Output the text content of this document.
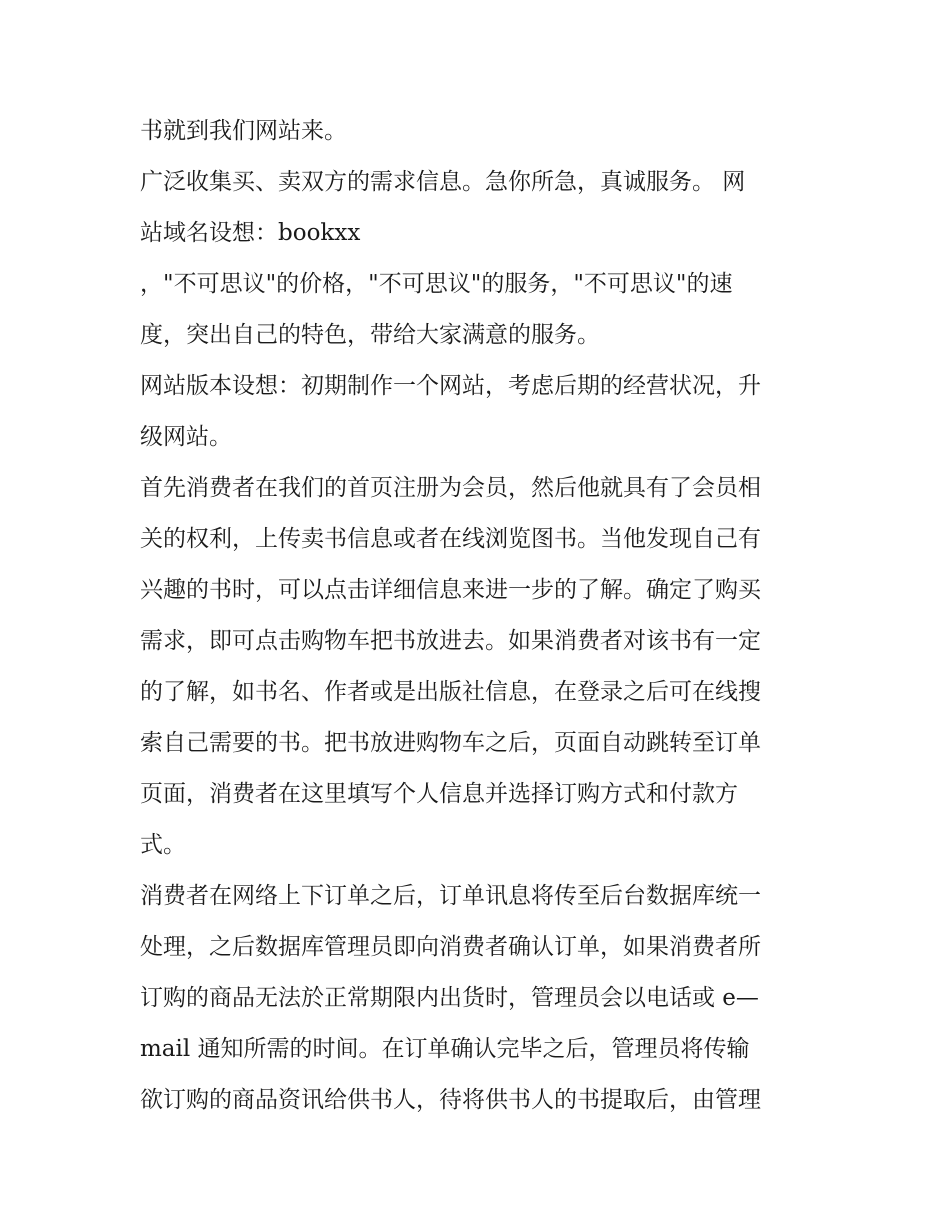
书就到我们网站来。

广泛收集买、卖双方的需求信息。急你所急，真诚服务。 网
站域名设想：bookxx

，"不可思议"的价格，"不可思议"的服务，"不可思议"的速
度，突出自己的特色，带给大家满意的服务。

网站版本设想：初期制作一个网站，考虑后期的经营状况，升
级网站。

首先消费者在我们的首页注册为会员，然后他就具有了会员相
关的权利，上传卖书信息或者在线浏览图书。当他发现自己有
兴趣的书时，可以点击详细信息来进一步的了解。确定了购买
需求，即可点击购物车把书放进去。如果消费者对该书有一定
的了解，如书名、作者或是出版社信息，在登录之后可在线搜
索自己需要的书。把书放进购物车之后，页面自动跳转至订单
页面，消费者在这里填写个人信息并选择订购方式和付款方
式。

消费者在网络上下订单之后，订单讯息将传至后台数据库统一
处理，之后数据库管理员即向消费者确认订单，如果消费者所
订购的商品无法於正常期限内出货时，管理员会以电话或 e—
mail 通知所需的时间。在订单确认完毕之后，管理员将传输
欲订购的商品资讯给供书人，待将供书人的书提取后，由管理
